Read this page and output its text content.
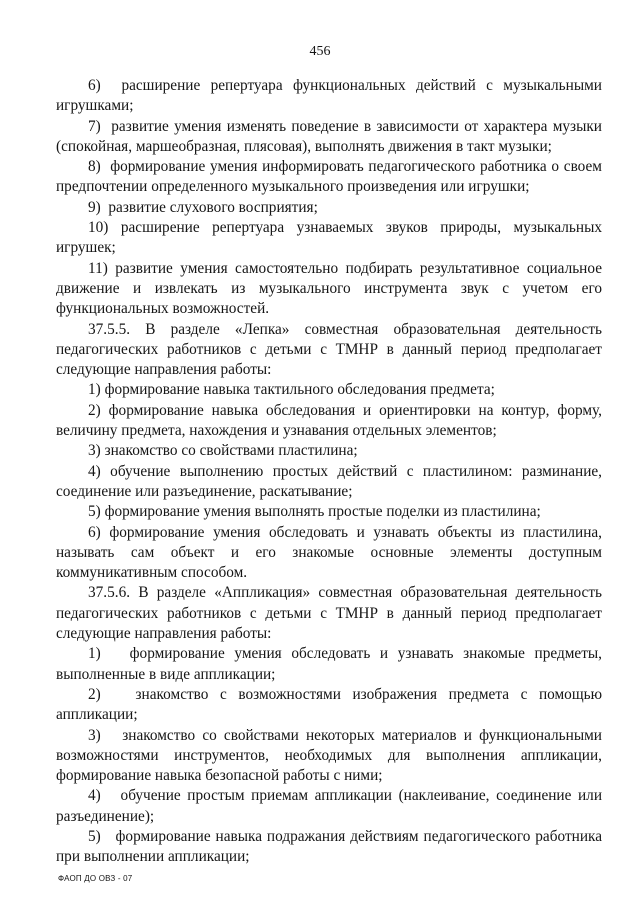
456

6)  расширение репертуара функциональных действий с музыкальными игрушками;

7)  развитие умения изменять поведение в зависимости от характера музыки (спокойная, маршеобразная, плясовая), выполнять движения в такт музыки;

8)  формирование умения информировать педагогического работника о своем предпочтении определенного музыкального произведения или игрушки;

9)  развитие слухового восприятия;

10) расширение репертуара узнаваемых звуков природы, музыкальных игрушек;

11) развитие умения самостоятельно подбирать результативное социальное движение и извлекать из музыкального инструмента звук с учетом его функциональных возможностей.

37.5.5. В разделе «Лепка» совместная образовательная деятельность педагогических работников с детьми с ТМНР в данный период предполагает следующие направления работы:

1) формирование навыка тактильного обследования предмета;

2) формирование навыка обследования и ориентировки на контур, форму, величину предмета, нахождения и узнавания отдельных элементов;

3) знакомство со свойствами пластилина;

4) обучение выполнению простых действий с пластилином: разминание, соединение или разъединение, раскатывание;

5) формирование умения выполнять простые поделки из пластилина;

6) формирование умения обследовать и узнавать объекты из пластилина, называть сам объект и его знакомые основные элементы доступным коммуникативным способом.

37.5.6. В разделе «Аппликация» совместная образовательная деятельность педагогических работников с детьми с ТМНР в данный период предполагает следующие направления работы:

1)   формирование умения обследовать и узнавать знакомые предметы, выполненные в виде аппликации;

2)   знакомство с возможностями изображения предмета с помощью аппликации;

3)   знакомство со свойствами некоторых материалов и функциональными возможностями инструментов, необходимых для выполнения аппликации, формирование навыка безопасной работы с ними;

4)   обучение простым приемам аппликации (наклеивание, соединение или разъединение);

5)   формирование навыка подражания действиям педагогического работника при выполнении аппликации;

ФАОП ДО ОВЗ - 07
